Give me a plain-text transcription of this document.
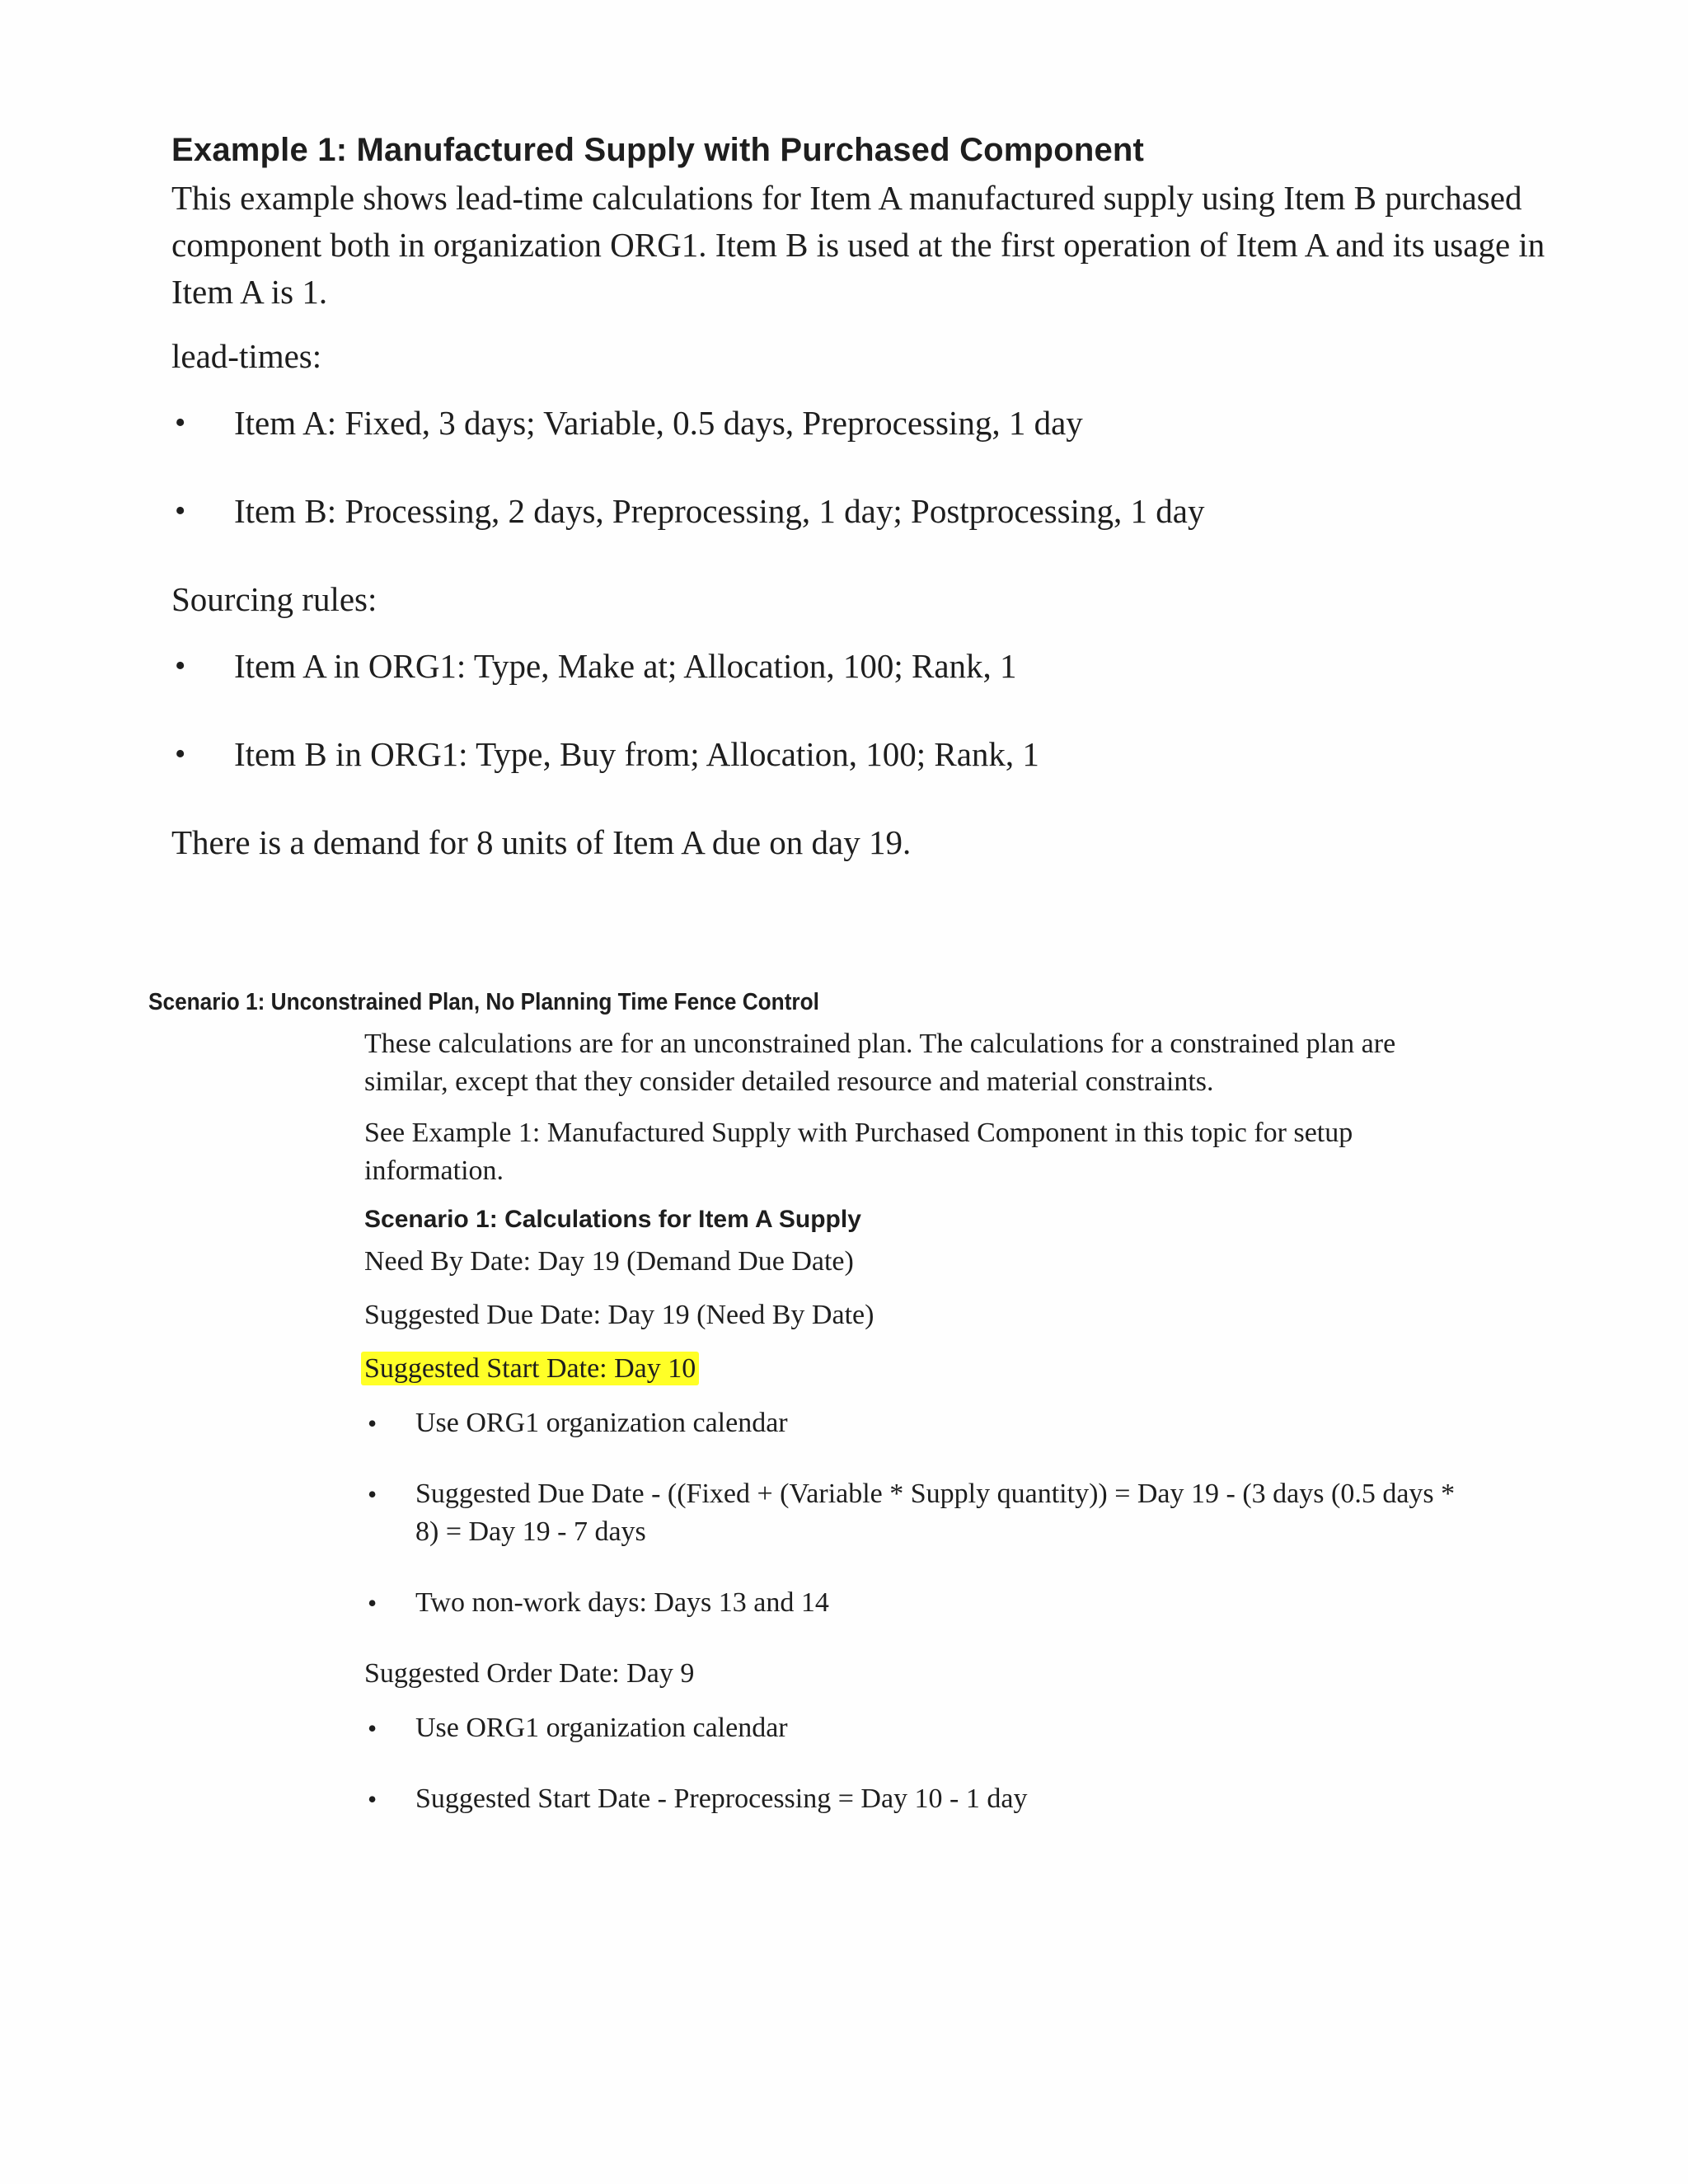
Example 1: Manufactured Supply with Purchased Component

This example shows lead-time calculations for Item A manufactured supply using Item B purchased component both in organization ORG1. Item B is used at the first operation of Item A and its usage in Item A is 1.

lead-times:

• Item A: Fixed, 3 days; Variable, 0.5 days, Preprocessing, 1 day
• Item B: Processing, 2 days, Preprocessing, 1 day; Postprocessing, 1 day

Sourcing rules:

• Item A in ORG1: Type, Make at; Allocation, 100; Rank, 1
• Item B in ORG1: Type, Buy from; Allocation, 100; Rank, 1

There is a demand for 8 units of Item A due on day 19.

Scenario 1: Unconstrained Plan, No Planning Time Fence Control

These calculations are for an unconstrained plan. The calculations for a constrained plan are similar, except that they consider detailed resource and material constraints.

See Example 1: Manufactured Supply with Purchased Component in this topic for setup information.

Scenario 1: Calculations for Item A Supply

Need By Date: Day 19 (Demand Due Date)

Suggested Due Date: Day 19 (Need By Date)

Suggested Start Date: Day 10

• Use ORG1 organization calendar
• Suggested Due Date - ((Fixed + (Variable * Supply quantity)) = Day 19 - (3 days (0.5 days * 8) = Day 19 - 7 days
• Two non-work days: Days 13 and 14

Suggested Order Date: Day 9

• Use ORG1 organization calendar
• Suggested Start Date - Preprocessing = Day 10 - 1 day
